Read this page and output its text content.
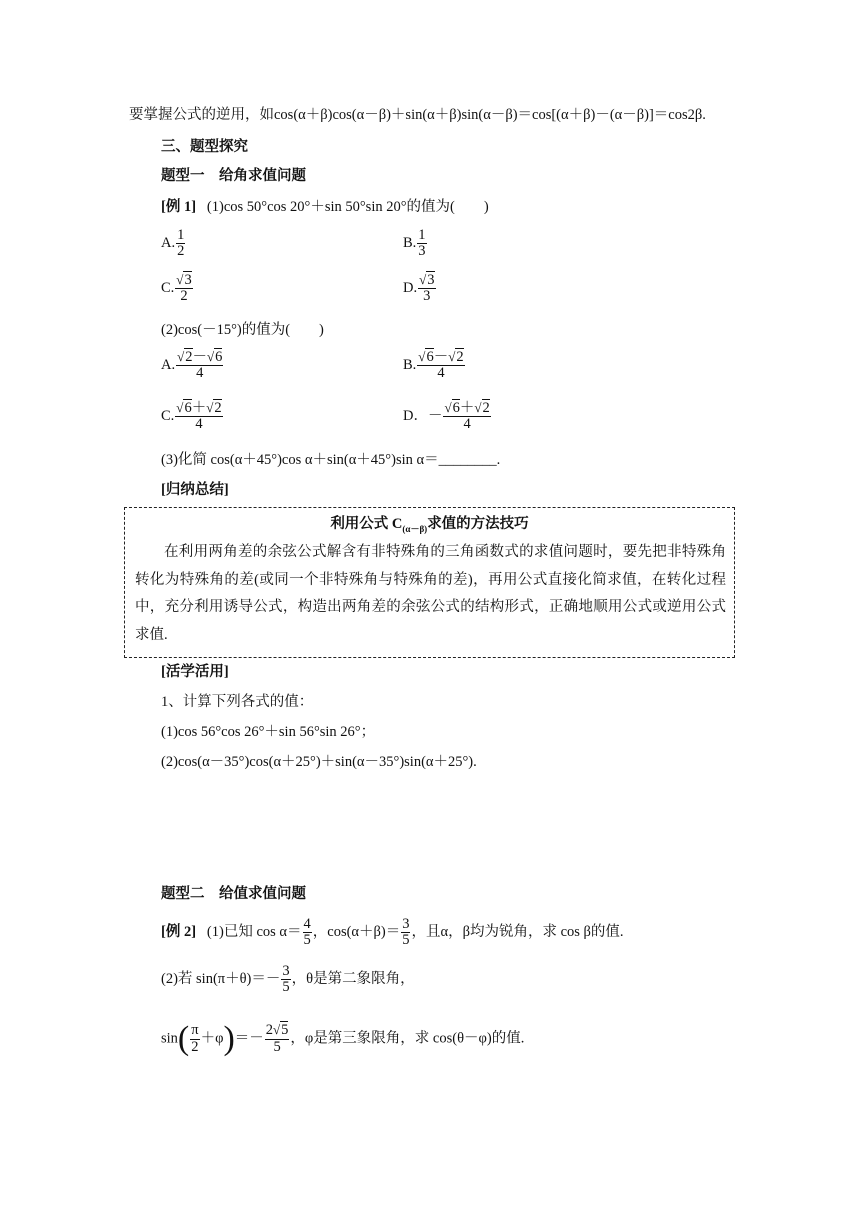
要掌握公式的逆用，如cos(α＋β)cos(α－β)＋sin(α＋β)sin(α－β)＝cos[(α＋β)－(α－β)]＝cos2β.
三、题型探究
题型一　给角求值问题
[例 1] (1)cos 50°cos 20°＋sin 50°sin 20°的值为(　　)
A. $\frac{1}{2}$	B. $\frac{1}{3}$
C. $\frac{√3}{2}$	D. $\frac{√3}{3}$
(2)cos(－15°)的值为(　　)
A. $\frac{√2-√6}{4}$	B. $\frac{√6-√2}{4}$
C. $\frac{√6+√2}{4}$	D．－ $\frac{√6+√2}{4}$
(3)化简 cos(α＋45°)cos α＋sin(α＋45°)sin α＝________.
[归纳总结]
利用公式 $C_{(\alpha-\beta)}$求值的方法技巧
在利用两角差的余弦公式解含有非特殊角的三角函数式的求值问题时，要先把非特殊角转化为特殊角的差(或同一个非特殊角与特殊角的差)，再用公式直接化简求值，在转化过程中，充分利用诱导公式，构造出两角差的余弦公式的结构形式，正确地顺用公式或逆用公式求值.
[活学活用]
1、计算下列各式的值：
(1)cos 56°cos 26°＋sin 56°sin 26°；
(2)cos(α－35°)cos(α＋25°)＋sin(α－35°)sin(α＋25°).
题型二　给值求值问题
[例 2] (1)已知 $\cos \alpha= \frac{4}{5}$ ，$\cos(\alpha+\beta)= \frac{3}{5}$ ，且α，β均为锐角，求 cos β的值.
(2)若 $\sin(\pi+\theta)=- \frac{3}{5}$ ，θ是第二象限角，
$\sin( \frac{\pi}{2} +\varphi)=- \frac{2√5}{5}$ ，φ是第三象限角，求 cos(θ－φ)的值.
